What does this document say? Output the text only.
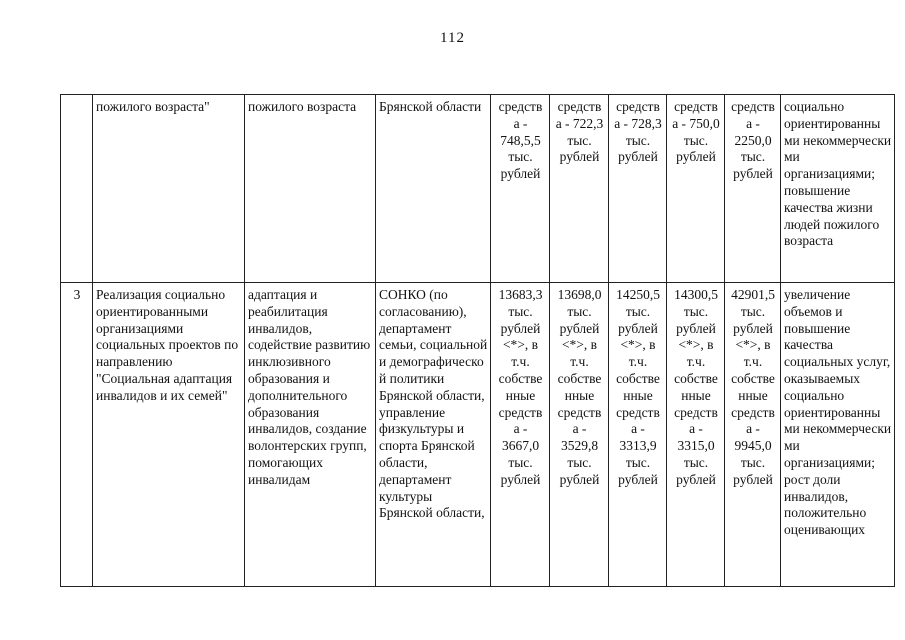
112
	пожилого возраста"	пожилого возраста	Брянской области	средств а - 748,5,5 тыс. рублей	средств а - 722,3 тыс. рублей	средств а - 728,3 тыс. рублей	средств а - 750,0 тыс. рублей	средств а - 2250,0 тыс. рублей	социально ориентированны ми некоммерчески ми организациями; повышение качества жизни людей пожилого возраста
3	Реализация социально ориентированными организациями социальных проектов по направлению "Социальная адаптация инвалидов и их семей"	адаптация и реабилитация инвалидов, содействие развитию инклюзивного образования и дополнительного образования инвалидов, создание волонтерских групп, помогающих инвалидам	СОНКО (по согласованию), департамент семьи, социальной и демографическо й политики Брянской области, управление физкультуры и спорта Брянской области, департамент культуры Брянской области,	13683,3 тыс. рублей <*>, в т.ч. собстве нные средств а - 3667,0 тыс. рублей	13698,0 тыс. рублей <*>, в т.ч. собстве нные средств а - 3529,8 тыс. рублей	14250,5 тыс. рублей <*>, в т.ч. собстве нные средств а - 3313,9 тыс. рублей	14300,5 тыс. рублей <*>, в т.ч. собстве нные средств а - 3315,0 тыс. рублей	42901,5 тыс. рублей <*>, в т.ч. собстве нные средств а - 9945,0 тыс. рублей	увеличение объемов и повышение качества социальных услуг, оказываемых социально ориентированны ми некоммерчески ми организациями; рост доли инвалидов, положительно оценивающих
